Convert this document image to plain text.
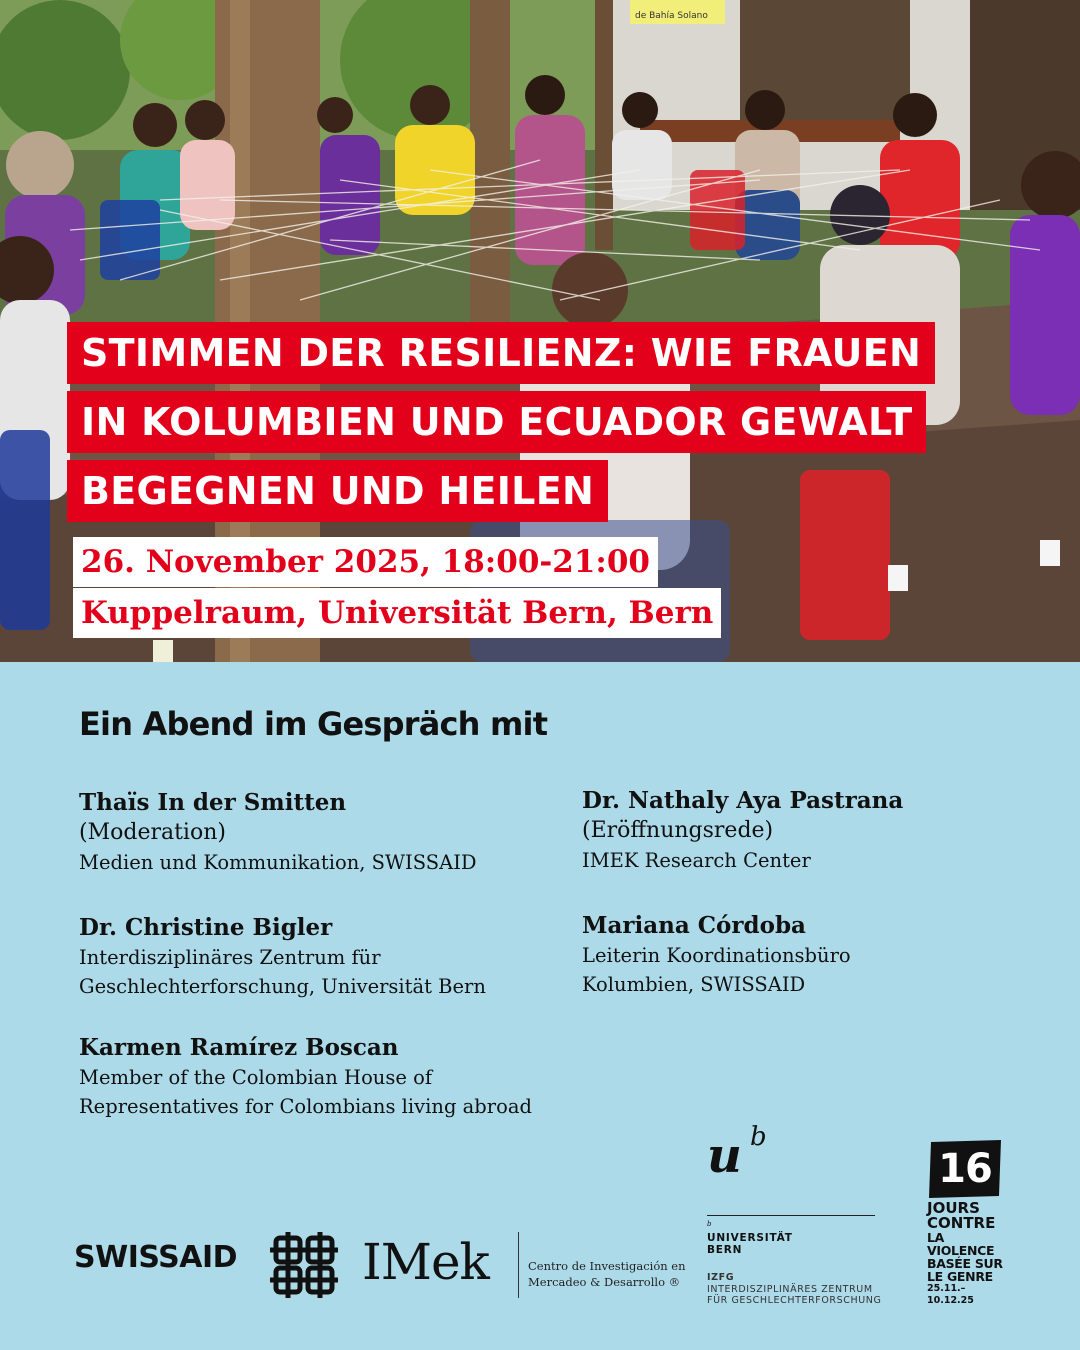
de Bahía Solano
STIMMEN DER RESILIENZ: WIE FRAUEN
IN KOLUMBIEN UND ECUADOR GEWALT
BEGEGNEN UND HEILEN
26. November 2025, 18:00-21:00
Kuppelraum, Universität Bern, Bern
Ein Abend im Gespräch mit
Thaïs In der Smitten
(Moderation)
Medien und Kommunikation, SWISSAID
Dr. Christine Bigler
Interdisziplinäres Zentrum für
Geschlechterforschung, Universität Bern
Karmen Ramírez Boscan
Member of the Colombian House of
Representatives for Colombians living abroad
Dr. Nathaly Aya Pastrana
(Eröffnungsrede)
IMEK Research Center
Mariana Córdoba
Leiterin Koordinationsbüro
Kolumbien, SWISSAID
SWISSAID IMek	Centro de Investigación en
Mercadeo & Desarrollo ®
u b
b
UNIVERSITÄT
BERN
IZFG
INTERDISZIPLINÄRES ZENTRUM
FÜR GESCHLECHTERFORSCHUNG
16
JOURS
CONTRE
LA VIOLENCE
BASÉE SUR
LE GENRE
25.11.–10.12.25
